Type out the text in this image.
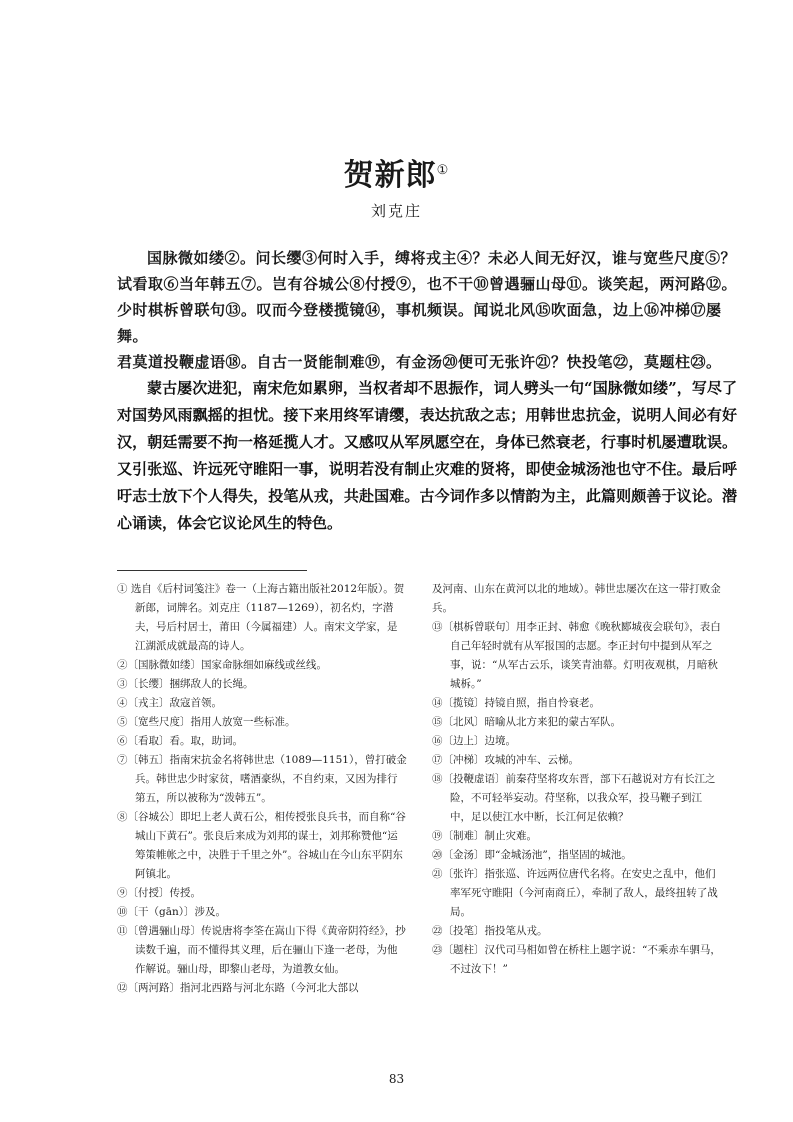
贺新郎①
刘克庄
国脉微如缕②。问长缨③何时入手，缚将戎主④？未必人间无好汉，谁与宽些尺度⑤？
试看取⑥当年韩五⑦。岂有谷城公⑧付授⑨，也不干⑩曾遇骊山母⑪。谈笑起，两河路⑫。
少时棋柝曾联句⑬。叹而今登楼揽镜⑭，事机频误。闻说北风⑮吹面急，边上⑯冲梯⑰屡舞。
君莫道投鞭虚语⑱。自古一贤能制难⑲，有金汤⑳便可无张许㉑？快投笔㉒，莫题柱㉓。
蒙古屡次进犯，南宋危如累卵，当权者却不思振作，词人劈头一句“国脉微如缕”，写尽了对国势风雨飘摇的担忧。接下来用终军请缨，表达抗敌之志；用韩世忠抗金，说明人间必有好汉，朝廷需要不拘一格延揽人才。又感叹从军夙愿空在，身体已然衰老，行事时机屡遭耽误。又引张巡、许远死守睢阳一事，说明若没有制止灾难的贤将，即使金城汤池也守不住。最后呼吁志士放下个人得失，投笔从戎，共赴国难。古今词作多以情韵为主，此篇则颇善于议论。潜心诵读，体会它议论风生的特色。
① 选自《后村词笺注》卷一（上海古籍出版社2012年版）。贺新郎，词牌名。刘克庄（1187—1269），初名灼，字潜夫，号后村居士，莆田（今属福建）人。南宋文学家，是江湖派成就最高的诗人。
②〔国脉微如缕〕国家命脉细如麻线或丝线。
③〔长缨〕捆绑敌人的长绳。
④〔戎主〕敌寇首领。
⑤〔宽些尺度〕指用人放宽一些标准。
⑥〔看取〕看。取，助词。
⑦〔韩五〕指南宋抗金名将韩世忠（1089—1151），曾打破金兵。韩世忠少时家贫，嗜酒豪纵，不自约束，又因为排行第五，所以被称为“泼韩五”。
⑧〔谷城公〕即圯上老人黄石公，相传授张良兵书，而自称“谷城山下黄石”。张良后来成为刘邦的谋士，刘邦称赞他“运筹策帷帐之中，决胜于千里之外”。谷城山在今山东平阴东阿镇北。
⑨〔付授〕传授。
⑩〔干（gān）〕涉及。
⑪〔曾遇骊山母〕传说唐将李筌在嵩山下得《黄帝阴符经》，抄读数千遍，而不懂得其义理，后在骊山下逢一老母，为他作解说。骊山母，即黎山老母，为道教女仙。
⑫〔两河路〕指河北西路与河北东路（今河北大部以
及河南、山东在黄河以北的地域）。韩世忠屡次在这一带打败金兵。
⑬〔棋柝曾联句〕用李正封、韩愈《晚秋郾城夜会联句》，表白自己年轻时就有从军报国的志愿。李正封句中提到从军之事，说：“从军古云乐，谈笑青油幕。灯明夜观棋，月暗秋城柝。”
⑭〔揽镜〕持镜自照，指自怜衰老。
⑮〔北风〕暗喻从北方来犯的蒙古军队。
⑯〔边上〕边境。
⑰〔冲梯〕攻城的冲车、云梯。
⑱〔投鞭虚语〕前秦苻坚将攻东晋，部下石越说对方有长江之险，不可轻举妄动。苻坚称，以我众军，投马鞭子到江中，足以使江水中断，长江何足依赖？
⑲〔制难〕制止灾难。
⑳〔金汤〕即“金城汤池”，指坚固的城池。
㉑〔张许〕指张巡、许远两位唐代名将。在安史之乱中，他们率军死守睢阳（今河南商丘），牵制了敌人，最终扭转了战局。
㉒〔投笔〕指投笔从戎。
㉓〔题柱〕汉代司马相如曾在桥柱上题字说：“不乘赤车驷马，不过汝下！”
83
